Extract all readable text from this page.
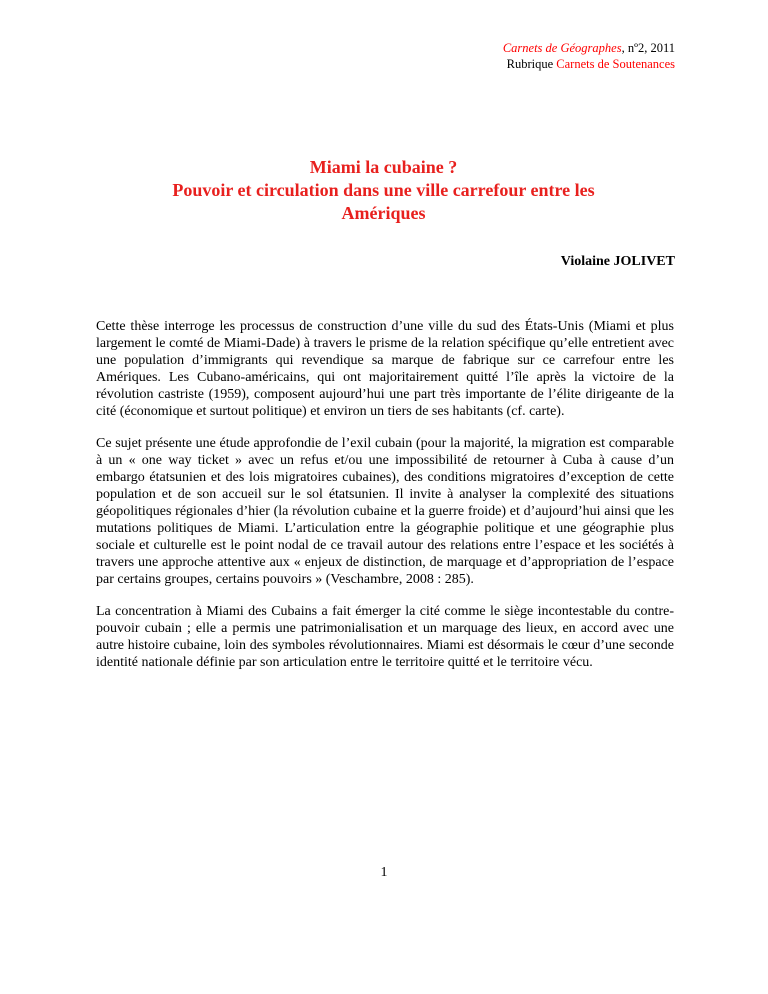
Carnets de Géographes, nº2, 2011
Rubrique Carnets de Soutenances
Miami la cubaine ?
Pouvoir et circulation dans une ville carrefour entre les
Amériques
Violaine JOLIVET

Cette thèse interroge les processus de construction d’une ville du sud des États-Unis (Miami et plus largement le comté de Miami-Dade) à travers le prisme de la relation spécifique qu’elle entretient avec une population d’immigrants qui revendique sa marque de fabrique sur ce carrefour entre les Amériques. Les Cubano-américains, qui ont majoritairement quitté l’île après la victoire de la révolution castriste (1959), composent aujourd’hui une part très importante de l’élite dirigeante de la cité (économique et surtout politique) et environ un tiers de ses habitants (cf. carte).

Ce sujet présente une étude approfondie de l’exil cubain (pour la majorité, la migration est comparable à un « one way ticket » avec un refus et/ou une impossibilité de retourner à Cuba à cause d’un embargo étatsunien et des lois migratoires cubaines), des conditions migratoires d’exception de cette population et de son accueil sur le sol étatsunien. Il invite à analyser la complexité des situations géopolitiques régionales d’hier (la révolution cubaine et la guerre froide) et d’aujourd’hui ainsi que les mutations politiques de Miami. L’articulation entre la géographie politique et une géographie plus sociale et culturelle est le point nodal de ce travail autour des relations entre l’espace et les sociétés à travers une approche attentive aux « enjeux de distinction, de marquage et d’appropriation de l’espace par certains groupes, certains pouvoirs » (Veschambre, 2008 : 285).

La concentration à Miami des Cubains a fait émerger la cité comme le siège incontestable du contre-pouvoir cubain ; elle a permis une patrimonialisation et un marquage des lieux, en accord avec une autre histoire cubaine, loin des symboles révolutionnaires. Miami est désormais le cœur d’une seconde identité nationale définie par son articulation entre le territoire quitté et le territoire vécu.

1
